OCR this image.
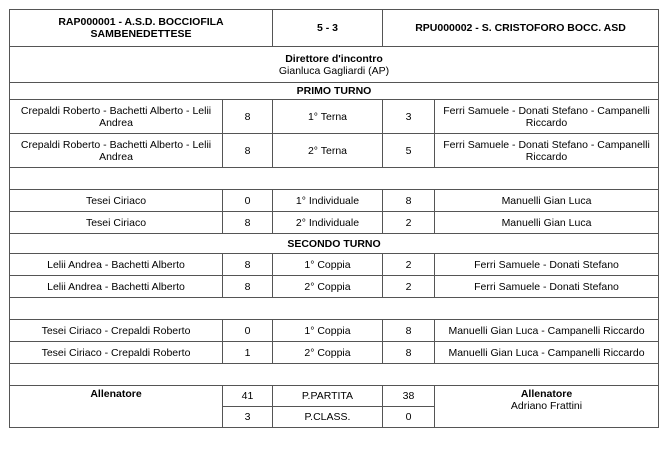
RAP000001 - A.S.D. BOCCIOFILA SAMBENEDETTESE		5 - 3	RPU000002 - S. CRISTOFORO BOCC. ASD	

Direttore d'incontro
Gianluca Gagliardi (AP)				

PRIMO TURNO				
Crepaldi Roberto - Bachetti Alberto - Lelii Andrea	8	1° Terna	3	Ferri Samuele - Donati Stefano - Campanelli Riccardo
Crepaldi Roberto - Bachetti Alberto - Lelii Andrea	8	2° Terna	5	Ferri Samuele - Donati Stefano - Campanelli Riccardo

Tesei Ciriaco	0	1° Individuale	8	Manuelli Gian Luca
Tesei Ciriaco	8	2° Individuale	2	Manuelli Gian Luca
SECONDO TURNO				
Lelii Andrea - Bachetti Alberto	8	1° Coppia	2	Ferri Samuele - Donati Stefano
Lelii Andrea - Bachetti Alberto	8	2° Coppia	2	Ferri Samuele - Donati Stefano

Tesei Ciriaco - Crepaldi Roberto	0	1° Coppia	8	Manuelli Gian Luca - Campanelli Riccardo
Tesei Ciriaco - Crepaldi Roberto	1	2° Coppia	8	Manuelli Gian Luca - Campanelli Riccardo

Allenatore	41	P.PARTITA	38	Allenatore
Adriano Frattini

	3	P.CLASS.	0	
